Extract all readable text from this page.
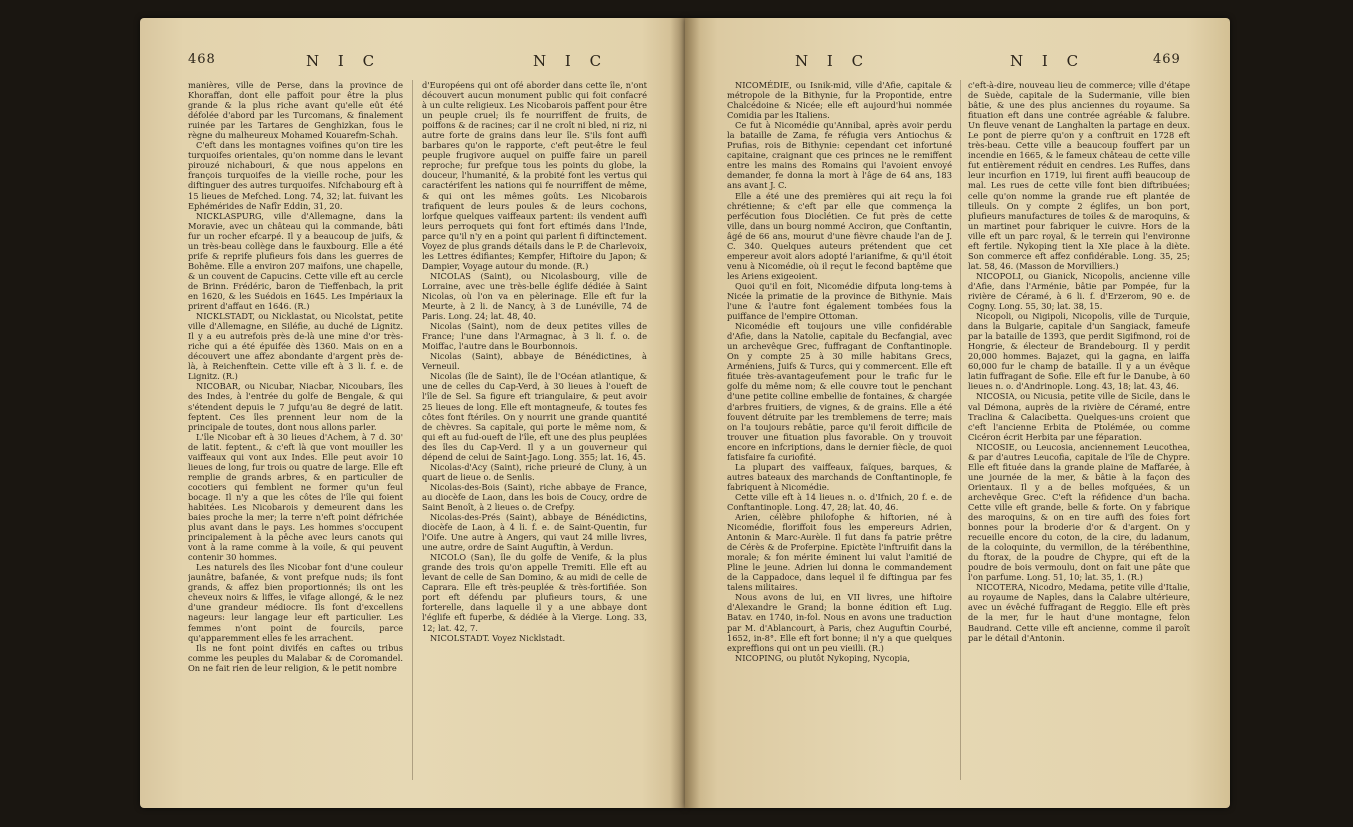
468	N I C	N I C

manières, ville de Perse, dans la province de Khoraffan, dont elle paffoit pour être la plus grande & la plus riche avant qu'elle eût été défolée d'abord par les Turcomans, & finalement ruinée par les Tartares de Genghizkan, fous le règne du malheureux Mohamed Kouarefm-Schah.

C'eft dans les montagnes voifines qu'on tire les turquoifes orientales, qu'on nomme dans le levant pirouzé nichabouri, & que nous appelons en françois turquoifes de la vieille roche, pour les diftinguer des autres turquoifes. Nifchabourg eft à 15 lieues de Mefched. Long. 74, 32; lat. fuivant les Ephémérides de Nafîr Eddin, 31, 20.

NICKLASPURG, ville d'Allemagne, dans la Moravie, avec un château qui la commande, bâti fur un rocher efcarpé. Il y a beaucoup de juifs, & un très-beau collège dans le fauxbourg. Elle a été prife & reprife plufieurs fois dans les guerres de Bohême. Elle a environ 207 maifons, une chapelle, & un couvent de Capucins. Cette ville eft au cercle de Brinn. Frédéric, baron de Tieffenbach, la prit en 1620, & les Suédois en 1645. Les Impériaux la prirent d'affaut en 1646. (R.)

NICKLSTADT, ou Nicklastat, ou Nicolstat, petite ville d'Allemagne, en Siléfie, au duché de Lignitz. Il y a eu autrefois près de-là une mine d'or très-riche qui a été épuifée dès 1360. Mais on en a découvert une affez abondante d'argent près de-là, à Reichenftein. Cette ville eft à 3 li. f. e. de Lignitz. (R.)

NICOBAR, ou Nicubar, Niacbar, Nicoubars, îles des Indes, à l'entrée du golfe de Bengale, & qui s'étendent depuis le 7 jufqu'au 8e degré de latit. feptent. Ces îles prennent leur nom de la principale de toutes, dont nous allons parler.

L'île Nicobar eft à 30 lieues d'Achem, à 7 d. 30' de latit. feptent., & c'eft là que vont mouiller les vaiffeaux qui vont aux Indes. Elle peut avoir 10 lieues de long, fur trois ou quatre de large. Elle eft remplie de grands arbres, & en particulier de cocotiers qui femblent ne former qu'un feul bocage. Il n'y a que les côtes de l'île qui foient habitées. Les Nicobarois y demeurent dans les baies proche la mer; la terre n'eft point défrichée plus avant dans le pays. Les hommes s'occupent principalement à la pêche avec leurs canots qui vont à la rame comme à la voile, & qui peuvent contenir 30 hommes.

Les naturels des îles Nicobar font d'une couleur jaunâtre, bafanée, & vont prefque nuds; ils font grands, & affez bien proportionnés; ils ont les cheveux noirs & liffes, le vifage allongé, & le nez d'une grandeur médiocre. Ils font d'excellens nageurs: leur langage leur eft particulier. Les femmes n'ont point de fourcils, parce qu'apparemment elles fe les arrachent.

Ils ne font point divifés en caftes ou tribus comme les peuples du Malabar & de Coromandel. On ne fait rien de leur religion, & le petit nombre

d'Européens qui ont ofé aborder dans cette île, n'ont découvert aucun monument public qui foit confacré à un culte religieux. Les Nicobarois paffent pour être un peuple cruel; ils fe nourriffent de fruits, de poiffons & de racines; car il ne croît ni bled, ni riz, ni autre forte de grains dans leur île. S'ils font auffi barbares qu'on le rapporte, c'eft peut-être le feul peuple frugivore auquel on puiffe faire un pareil reproche; fur prefque tous les points du globe, la douceur, l'humanité, & la probité font les vertus qui caractérifent les nations qui fe nourriffent de même, & qui ont les mêmes goûts. Les Nicobarois trafiquent de leurs poules & de leurs cochons, lorfque quelques vaiffeaux partent: ils vendent auffi leurs perroquets qui font fort eftimés dans l'Inde, parce qu'il n'y en a point qui parlent fi diftinctement. Voyez de plus grands détails dans le P. de Charlevoix, les Lettres édifiantes; Kempfer, Hiftoire du Japon; & Dampier, Voyage autour du monde. (R.)

NICOLAS (Saint), ou Nicolasbourg, ville de Lorraine, avec une très-belle églife dédiée à Saint Nicolas, où l'on va en pèlerinage. Elle eft fur la Meurte, à 2 li. de Nancy, à 3 de Lunéville, 74 de Paris. Long. 24; lat. 48, 40.

Nicolas (Saint), nom de deux petites villes de France; l'une dans l'Armagnac, à 3 li. f. o. de Moiffac, l'autre dans le Bourbonnois.

Nicolas (Saint), abbaye de Bénédictines, à Verneuil.

Nicolas (île de Saint), île de l'Océan atlantique, & une de celles du Cap-Verd, à 30 lieues à l'oueft de l'île de Sel. Sa figure eft triangulaire, & peut avoir 25 lieues de long. Elle eft montagneufe, & toutes fes côtes font ftériles. On y nourrit une grande quantité de chèvres. Sa capitale, qui porte le même nom, & qui eft au fud-oueft de l'île, eft une des plus peuplées des îles du Cap-Verd. Il y a un gouverneur qui dépend de celui de Saint-Jago. Long. 355; lat. 16, 45.

Nicolas-d'Acy (Saint), riche prieuré de Cluny, à un quart de lieue o. de Senlis.

Nicolas-des-Bois (Saint), riche abbaye de France, au diocèfe de Laon, dans les bois de Coucy, ordre de Saint Benoît, à 2 lieues o. de Crefpy.

Nicolas-des-Prés (Saint), abbaye de Bénédictins, diocèfe de Laon, à 4 li. f. e. de Saint-Quentin, fur l'Oife. Une autre à Angers, qui vaut 24 mille livres, une autre, ordre de Saint Auguftin, à Verdun.

NICOLO (San), île du golfe de Venife, & la plus grande des trois qu'on appelle Tremiti. Elle eft au levant de celle de San Domino, & au midi de celle de Caprara. Elle eft très-peuplée & très-fortifiée. Son port eft défendu par plufieurs tours, & une forterelle, dans laquelle il y a une abbaye dont l'églife eft fuperbe, & dédiée à la Vierge. Long. 33, 12; lat. 42, 7.

NICOLSTADT. Voyez Nicklstadt.

N I C	N I C	469

NICOMÉDIE, ou Isnik-mid, ville d'Afie, capitale & métropole de la Bithynie, fur la Propontide, entre Chalcédoine & Nicée; elle eft aujourd'hui nommée Comidia par les Italiens.

Ce fut à Nicomédie qu'Annibal, après avoir perdu la bataille de Zama, fe réfugia vers Antiochus & Prufias, rois de Bithynie: cependant cet infortuné capitaine, craignant que ces princes ne le remiffent entre les mains des Romains qui l'avoient envoyé demander, fe donna la mort à l'âge de 64 ans, 183 ans avant J. C.

Elle a été une des premières qui ait reçu la foi chrétienne; & c'eft par elle que commença la perfécution fous Dioclétien. Ce fut près de cette ville, dans un bourg nommé Acciron, que Conftantin, âgé de 66 ans, mourut d'une fièvre chaude l'an de J. C. 340. Quelques auteurs prétendent que cet empereur avoit alors adopté l'arianifme, & qu'il étoit venu à Nicomédie, où il reçut le fecond baptême que les Ariens exigeoient.

Quoi qu'il en foit, Nicomédie difputa long-tems à Nicée la primatie de la province de Bithynie. Mais l'une & l'autre font également tombées fous la puiffance de l'empire Ottoman.

Nicomédie eft toujours une ville confidérable d'Afie, dans la Natolie, capitale du Becfangial, avec un archevêque Grec, fuffragant de Conftantinople. On y compte 25 à 30 mille habitans Grecs, Arméniens, Juifs & Turcs, qui y commercent. Elle eft fituée très-avantageufement pour le trafic fur le golfe du même nom; & elle couvre tout le penchant d'une petite colline embellie de fontaines, & chargée d'arbres fruitiers, de vignes, & de grains. Elle a été fouvent détruite par les tremblemens de terre; mais on l'a toujours rebâtie, parce qu'il feroit difficile de trouver une fituation plus favorable. On y trouvoit encore en infcriptions, dans le dernier fiècle, de quoi fatisfaire fa curiofité.

La plupart des vaiffeaux, faïques, barques, & autres bateaux des marchands de Conftantinople, fe fabriquent à Nicomédie.

Cette ville eft à 14 lieues n. o. d'Ifnich, 20 f. e. de Conftantinople. Long. 47, 28; lat. 40, 46.

Arien, célèbre philofophe & hiftorien, né à Nicomédie, floriffoit fous les empereurs Adrien, Antonin & Marc-Aurèle. Il fut dans fa patrie prêtre de Cérès & de Proferpine. Epictète l'inftruifit dans la morale; & fon mérite éminent lui valut l'amitié de Pline le jeune. Adrien lui donna le commandement de la Cappadoce, dans lequel il fe diftingua par fes talens militaires.

Nous avons de lui, en VII livres, une hiftoire d'Alexandre le Grand; la bonne édition eft Lug. Batav. en 1740, in-fol. Nous en avons une traduction par M. d'Ablancourt, à Paris, chez Auguftin Courbé, 1652, in-8°. Elle eft fort bonne; il n'y a que quelques expreffions qui ont un peu vieilli. (R.)

NICOPING, ou plutôt Nykoping, Nycopia,

c'eft-à-dire, nouveau lieu de commerce; ville d'étape de Suède, capitale de la Sudermanie, ville bien bâtie, & une des plus anciennes du royaume. Sa fituation eft dans une contrée agréable & falubre. Un fleuve venant de Langhalten la partage en deux. Le pont de pierre qu'on y a conftruit en 1728 eft très-beau. Cette ville a beaucoup fouffert par un incendie en 1665, & le fameux château de cette ville fut entièrement réduit en cendres. Les Ruffes, dans leur incurfion en 1719, lui firent auffi beaucoup de mal. Les rues de cette ville font bien diftribuées; celle qu'on nomme la grande rue eft plantée de tilleuls. On y compte 2 églifes, un bon port, plufieurs manufactures de toiles & de maroquins, & un martinet pour fabriquer le cuivre. Hors de la ville eft un parc royal, & le terrein qui l'environne eft fertile. Nykoping tient la XIe place à la diète. Son commerce eft affez confidérable. Long. 35, 25; lat. 58, 46. (Masson de Morvilliers.)

NICOPOLI, ou Gianick, Nicopolis, ancienne ville d'Afie, dans l'Arménie, bâtie par Pompée, fur la rivière de Céramé, à 6 li. f. d'Erzerom, 90 e. de Cogny. Long. 55, 30; lat. 38, 15.

Nicopoli, ou Nigipoli, Nicopolis, ville de Turquie, dans la Bulgarie, capitale d'un Sangiack, fameufe par la bataille de 1393, que perdit Sigifmond, roi de Hongrie, & électeur de Brandebourg. Il y perdit 20,000 hommes. Bajazet, qui la gagna, en laiffa 60,000 fur le champ de bataille. Il y a un évêque latin fuffragant de Sofie. Elle eft fur le Danube, à 60 lieues n. o. d'Andrinople. Long. 43, 18; lat. 43, 46.

NICOSIA, ou Nicusia, petite ville de Sicile, dans le val Démona, auprès de la rivière de Céramé, entre Traclina & Calacibetta. Quelques-uns croient que c'eft l'ancienne Erbita de Ptolémée, ou comme Cicéron écrit Herbita par une féparation.

NICOSIE, ou Leucosia, anciennement Leucothea, & par d'autres Leucofia, capitale de l'île de Chypre. Elle eft fituée dans la grande plaine de Maffarée, à une journée de la mer, & bâtie à la façon des Orientaux. Il y a de belles mofquées, & un archevêque Grec. C'eft la réfidence d'un bacha. Cette ville eft grande, belle & forte. On y fabrique des maroquins, & on en tire auffi des foies fort bonnes pour la broderie d'or & d'argent. On y recueille encore du coton, de la cire, du ladanum, de la coloquinte, du vermillon, de la térébenthine, du ftorax, de la poudre de Chypre, qui eft de la poudre de bois vermoulu, dont on fait une pâte que l'on parfume. Long. 51, 10; lat. 35, 1. (R.)

NICOTERA, Nicodro, Medama, petite ville d'Italie, au royaume de Naples, dans la Calabre ultérieure, avec un évêché fuffragant de Reggio. Elle eft près de la mer, fur le haut d'une montagne, felon Baudrand. Cette ville eft ancienne, comme il paroît par le détail d'Antonin.
